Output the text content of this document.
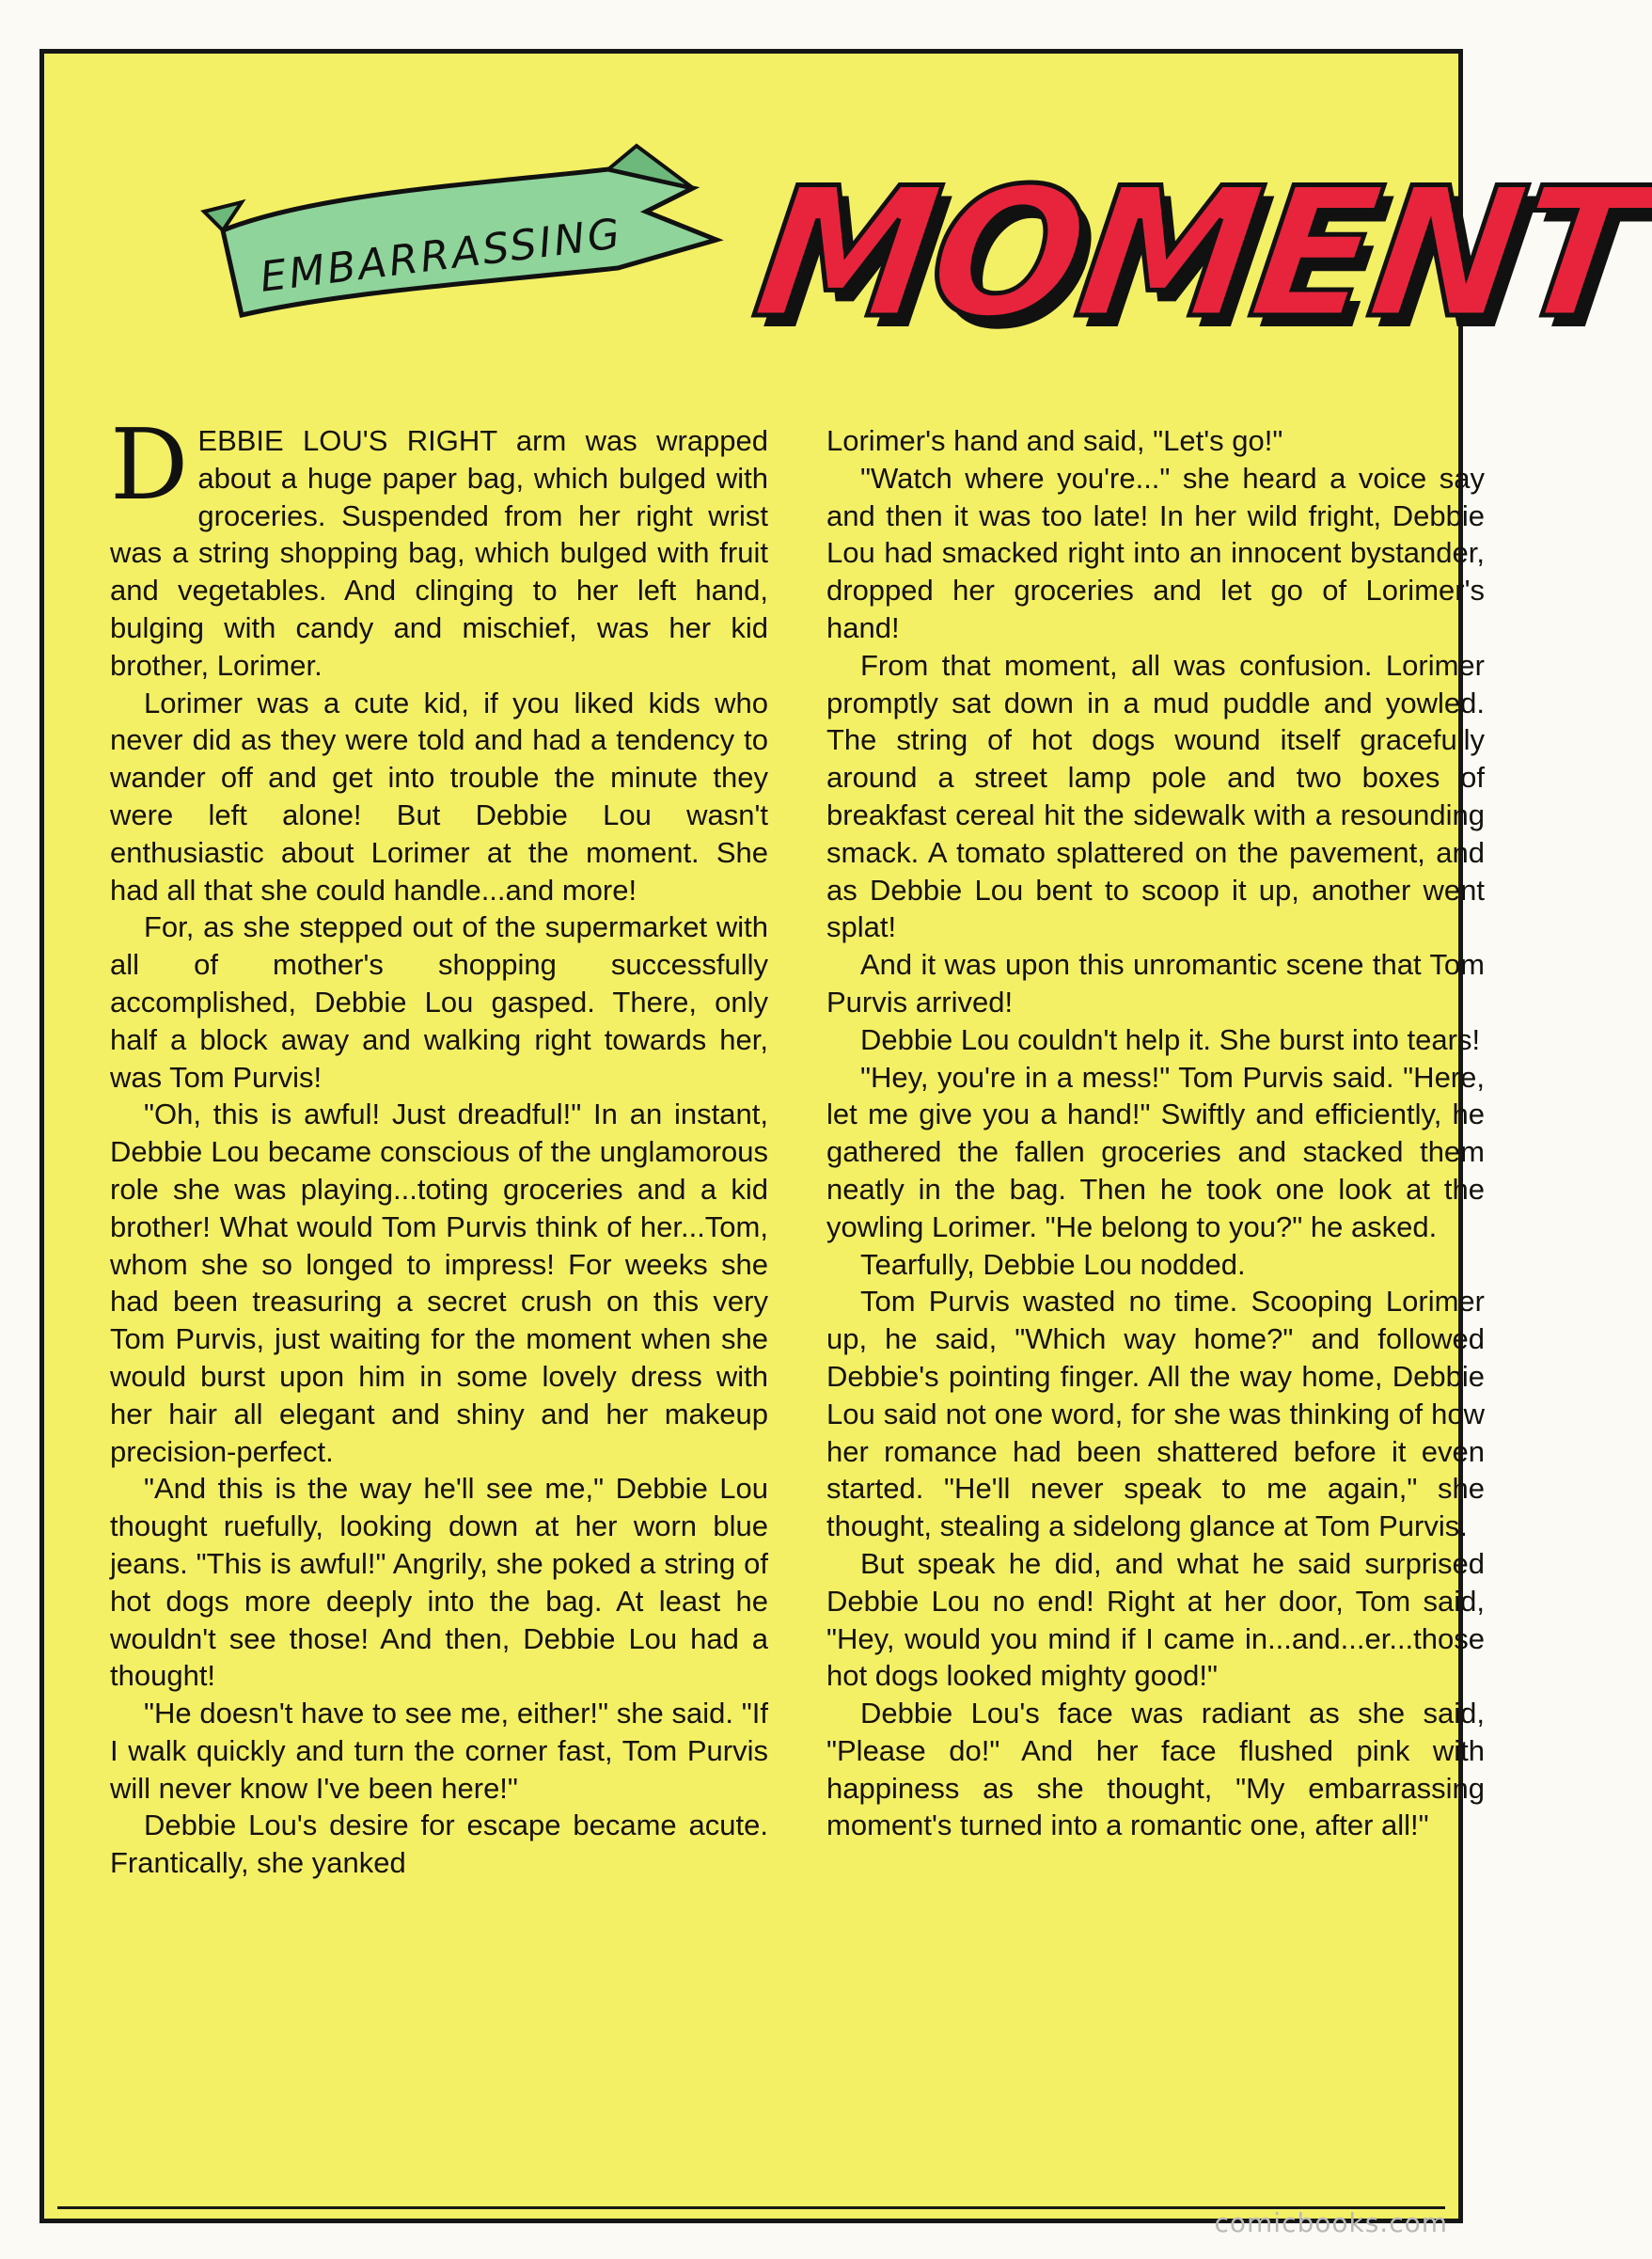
EMBARRASSING MOMENT

DEBBIE LOU'S RIGHT arm was wrapped about a huge paper bag, which bulged with groceries. Suspended from her right wrist was a string shopping bag, which bulged with fruit and vegetables. And clinging to her left hand, bulging with candy and mischief, was her kid brother, Lorimer.

Lorimer was a cute kid, if you liked kids who never did as they were told and had a tendency to wander off and get into trouble the minute they were left alone! But Debbie Lou wasn't enthusiastic about Lorimer at the moment. She had all that she could handle...and more!

For, as she stepped out of the supermarket with all of mother's shopping successfully accomplished, Debbie Lou gasped. There, only half a block away and walking right towards her, was Tom Purvis!

"Oh, this is awful! Just dreadful!" In an instant, Debbie Lou became conscious of the unglamorous role she was playing...toting groceries and a kid brother! What would Tom Purvis think of her...Tom, whom she so longed to impress! For weeks she had been treasuring a secret crush on this very Tom Purvis, just waiting for the moment when she would burst upon him in some lovely dress with her hair all elegant and shiny and her makeup precision-perfect.

"And this is the way he'll see me," Debbie Lou thought ruefully, looking down at her worn blue jeans. "This is awful!" Angrily, she poked a string of hot dogs more deeply into the bag. At least he wouldn't see those! And then, Debbie Lou had a thought!

"He doesn't have to see me, either!" she said. "If I walk quickly and turn the corner fast, Tom Purvis will never know I've been here!"

Debbie Lou's desire for escape became acute. Frantically, she yanked

Lorimer's hand and said, "Let's go!"

"Watch where you're..." she heard a voice say and then it was too late! In her wild fright, Debbie Lou had smacked right into an innocent bystander, dropped her groceries and let go of Lorimer's hand!

From that moment, all was confusion. Lorimer promptly sat down in a mud puddle and yowled. The string of hot dogs wound itself gracefully around a street lamp pole and two boxes of breakfast cereal hit the sidewalk with a resounding smack. A tomato splattered on the pavement, and as Debbie Lou bent to scoop it up, another went splat!

And it was upon this unromantic scene that Tom Purvis arrived!

Debbie Lou couldn't help it. She burst into tears!

"Hey, you're in a mess!" Tom Purvis said. "Here, let me give you a hand!" Swiftly and efficiently, he gathered the fallen groceries and stacked them neatly in the bag. Then he took one look at the yowling Lorimer. "He belong to you?" he asked.

Tearfully, Debbie Lou nodded.

Tom Purvis wasted no time. Scooping Lorimer up, he said, "Which way home?" and followed Debbie's pointing finger. All the way home, Debbie Lou said not one word, for she was thinking of how her romance had been shattered before it even started. "He'll never speak to me again," she thought, stealing a sidelong glance at Tom Purvis.

But speak he did, and what he said surprised Debbie Lou no end! Right at her door, Tom said, "Hey, would you mind if I came in...and...er...those hot dogs looked mighty good!"

Debbie Lou's face was radiant as she said, "Please do!" And her face flushed pink with happiness as she thought, "My embarrassing moment's turned into a romantic one, after all!"

comicbooks.com
